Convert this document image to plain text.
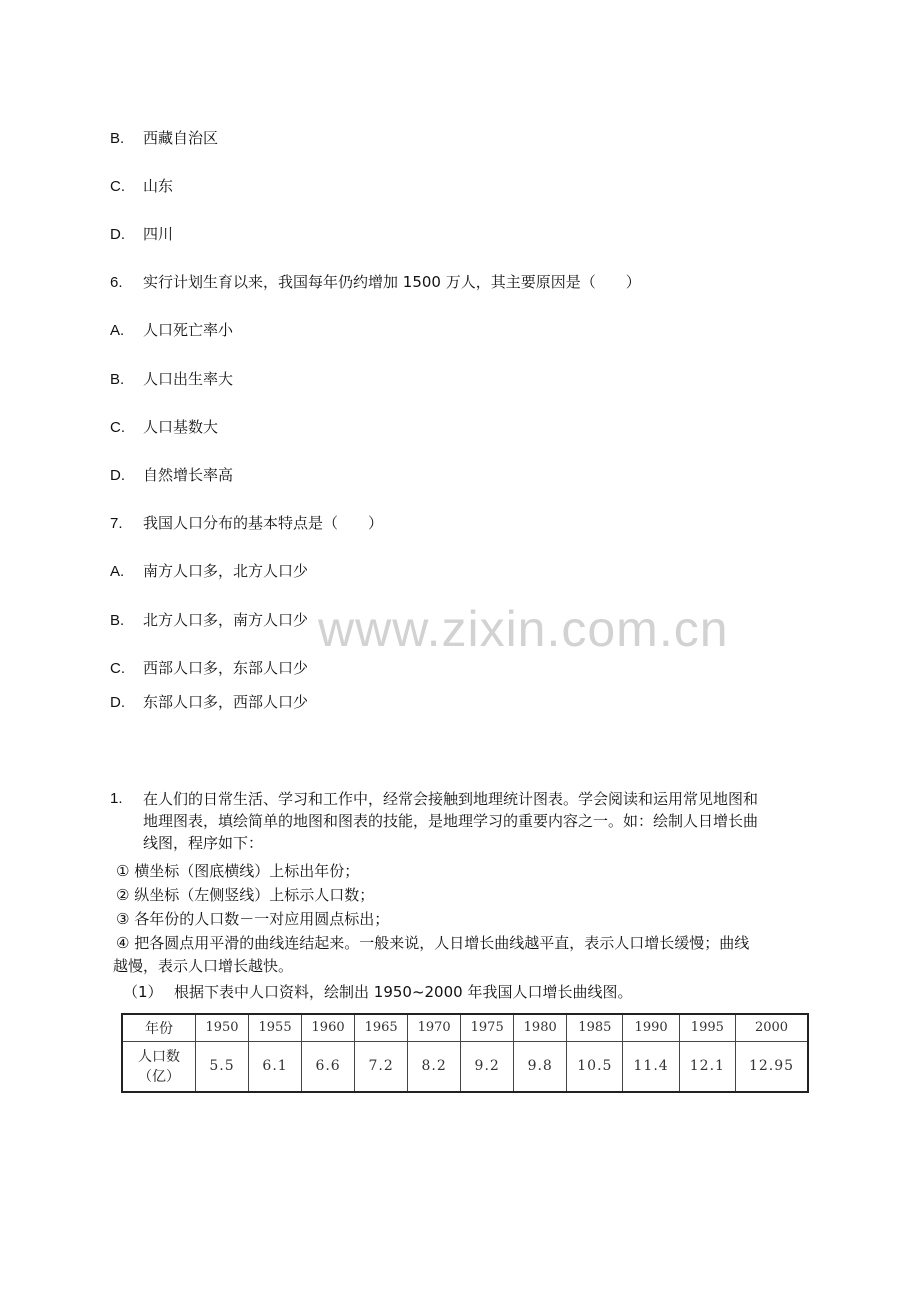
B. 西藏自治区
C. 山东
D. 四川
6. 实行计划生育以来，我国每年仍约增加 1500 万人，其主要原因是（　　）
A. 人口死亡率小
B. 人口出生率大
C. 人口基数大
D. 自然增长率高
7. 我国人口分布的基本特点是（　　）
A. 南方人口多，北方人口少
B. 北方人口多，南方人口少
C. 西部人口多，东部人口少
D. 东部人口多，西部人口少
www.zixin.com.cn
1. 在人们的日常生活、学习和工作中，经常会接触到地理统计图表。学会阅读和运用常见地图和
地理图表，填绘简单的地图和图表的技能，是地理学习的重要内容之一。如：绘制人日增长曲
线图，程序如下：
① 横坐标（图底横线）上标出年份；
② 纵坐标（左侧竖线）上标示人口数；
③ 各年份的人口数－一对应用圆点标出；
④ 把各圆点用平滑的曲线连结起来。一般来说，人日增长曲线越平直，表示人口增长缓慢；曲线
越慢，表示人口增长越快。
（1） 根据下表中人口资料，绘制出 1950~2000 年我国人口增长曲线图。
年份	1950	1955	1960	1965	1970	1975	1980	1985	1990	1995	2000

人口数
（亿）	5.5	6.1	6.6	7.2	8.2	9.2	9.8	10.5	11.4	12.1	12.95
